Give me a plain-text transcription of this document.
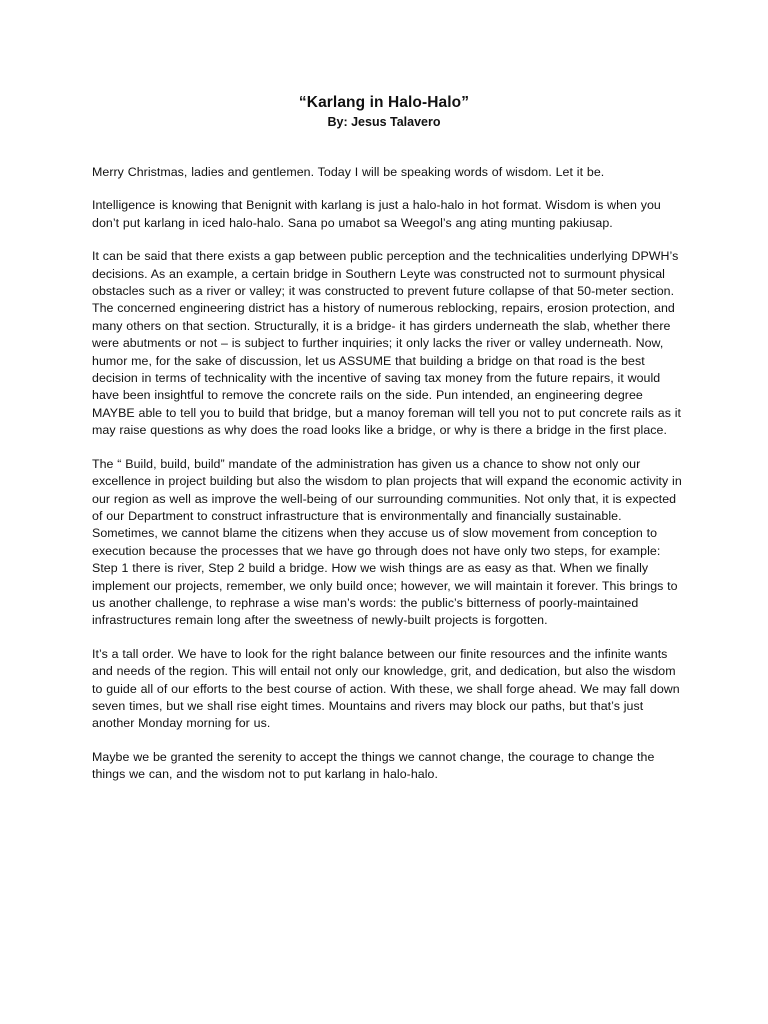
“Karlang in Halo-Halo”
By: Jesus Talavero

Merry Christmas, ladies and gentlemen. Today I will be speaking words of wisdom. Let it be.

Intelligence is knowing that Benignit with karlang is just a halo-halo in hot format. Wisdom is when you don’t put karlang in iced halo-halo. Sana po umabot sa Weegol’s ang ating munting pakiusap.

It can be said that there exists a gap between public perception and the technicalities underlying DPWH’s decisions. As an example, a certain bridge in Southern Leyte was constructed not to surmount physical obstacles such as a river or valley; it was constructed to prevent future collapse of that 50-meter section. The concerned engineering district has a history of numerous reblocking, repairs, erosion protection, and many others on that section. Structurally, it is a bridge- it has girders underneath the slab, whether there were abutments or not – is subject to further inquiries; it only lacks the river or valley underneath. Now, humor me, for the sake of discussion, let us ASSUME that building a bridge on that road is the best decision in terms of technicality with the incentive of saving tax money from the future repairs, it would have been insightful to remove the concrete rails on the side. Pun intended, an engineering degree MAYBE able to tell you to build that bridge, but a manoy foreman will tell you not to put concrete rails as it may raise questions as why does the road looks like a bridge, or why is there a bridge in the first place.

The “ Build, build, build” mandate of the administration has given us a chance to show not only our excellence in project building but also the wisdom to plan projects that will expand the economic activity in our region as well as improve the well-being of our surrounding communities. Not only that, it is expected of our Department to construct infrastructure that is environmentally and financially sustainable. Sometimes, we cannot blame the citizens when they accuse us of slow movement from conception to execution because the processes that we have go through does not have only two steps, for example: Step 1 there is river, Step 2 build a bridge. How we wish things are as easy as that. When we finally implement our projects, remember, we only build once; however, we will maintain it forever. This brings to us another challenge, to rephrase a wise man’s words: the public’s bitterness of poorly-maintained infrastructures remain long after the sweetness of newly-built projects is forgotten.

It’s a tall order. We have to look for the right balance between our finite resources and the infinite wants and needs of the region. This will entail not only our knowledge, grit, and dedication, but also the wisdom to guide all of our efforts to the best course of action. With these, we shall forge ahead. We may fall down seven times, but we shall rise eight times. Mountains and rivers may block our paths, but that’s just another Monday morning for us.

Maybe we be granted the serenity to accept the things we cannot change, the courage to change the things we can, and the wisdom not to put karlang in halo-halo.
